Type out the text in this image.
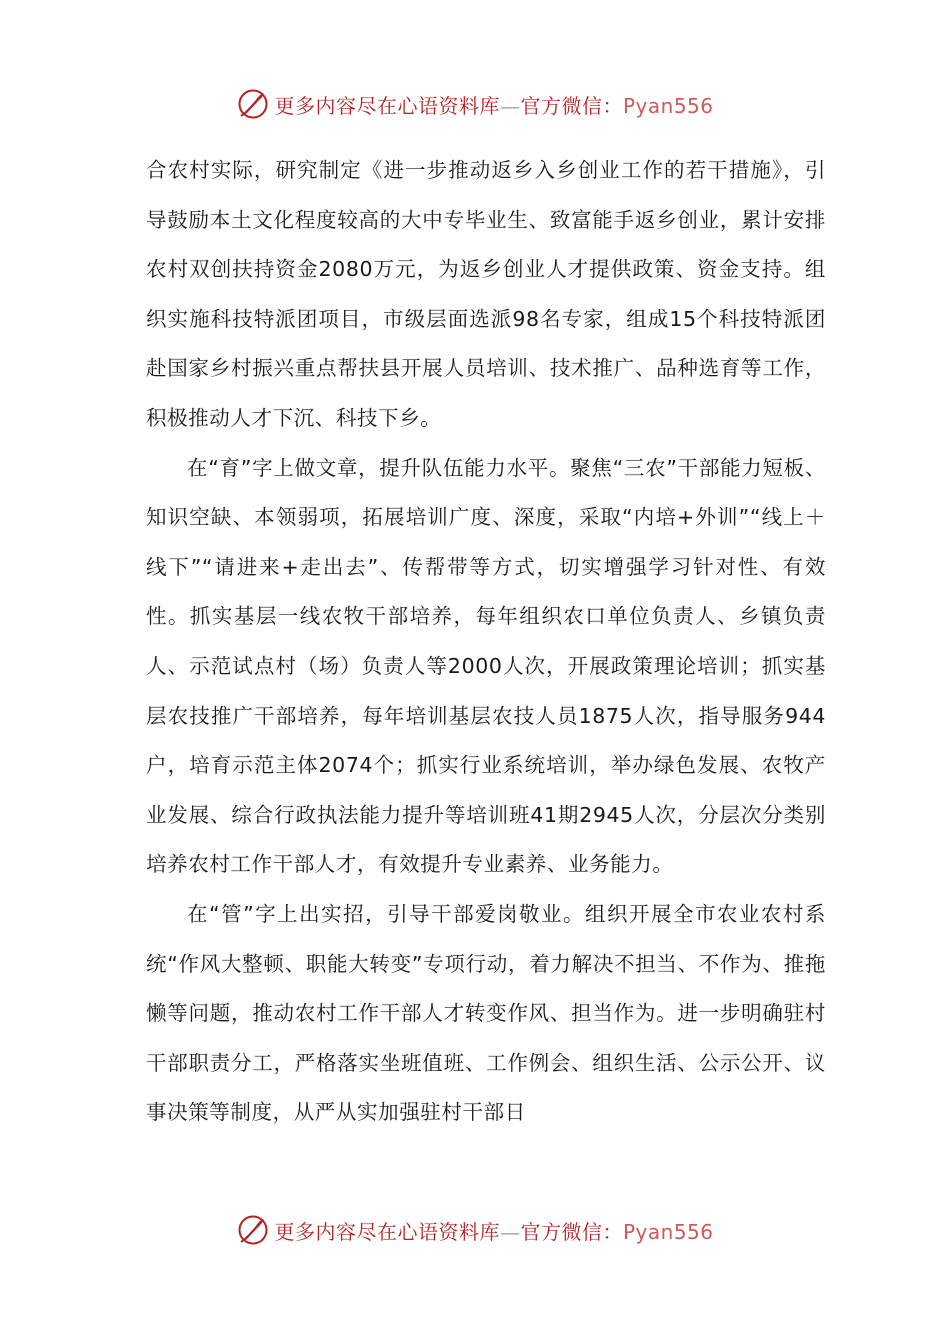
更多内容尽在心语资料库—官方微信：Pyan556

合农村实际，研究制定《进一步推动返乡入乡创业工作的若干措施》，引导鼓励本土文化程度较高的大中专毕业生、致富能手返乡创业，累计安排农村双创扶持资金2080万元，为返乡创业人才提供政策、资金支持。组织实施科技特派团项目，市级层面选派98名专家，组成15个科技特派团赴国家乡村振兴重点帮扶县开展人员培训、技术推广、品种选育等工作，积极推动人才下沉、科技下乡。

在“育”字上做文章，提升队伍能力水平。聚焦“三农”干部能力短板、知识空缺、本领弱项，拓展培训广度、深度，采取“内培+外训”“线上＋线下”“请进来+走出去”、传帮带等方式，切实增强学习针对性、有效性。抓实基层一线农牧干部培养，每年组织农口单位负责人、乡镇负责人、示范试点村（场）负责人等2000人次，开展政策理论培训；抓实基层农技推广干部培养，每年培训基层农技人员1875人次，指导服务944户，培育示范主体2074个；抓实行业系统培训，举办绿色发展、农牧产业发展、综合行政执法能力提升等培训班41期2945人次，分层次分类别培养农村工作干部人才，有效提升专业素养、业务能力。

在“管”字上出实招，引导干部爱岗敬业。组织开展全市农业农村系统“作风大整顿、职能大转变”专项行动，着力解决不担当、不作为、推拖懒等问题，推动农村工作干部人才转变作风、担当作为。进一步明确驻村干部职责分工，严格落实坐班值班、工作例会、组织生活、公示公开、议事决策等制度，从严从实加强驻村干部日

更多内容尽在心语资料库—官方微信：Pyan556
